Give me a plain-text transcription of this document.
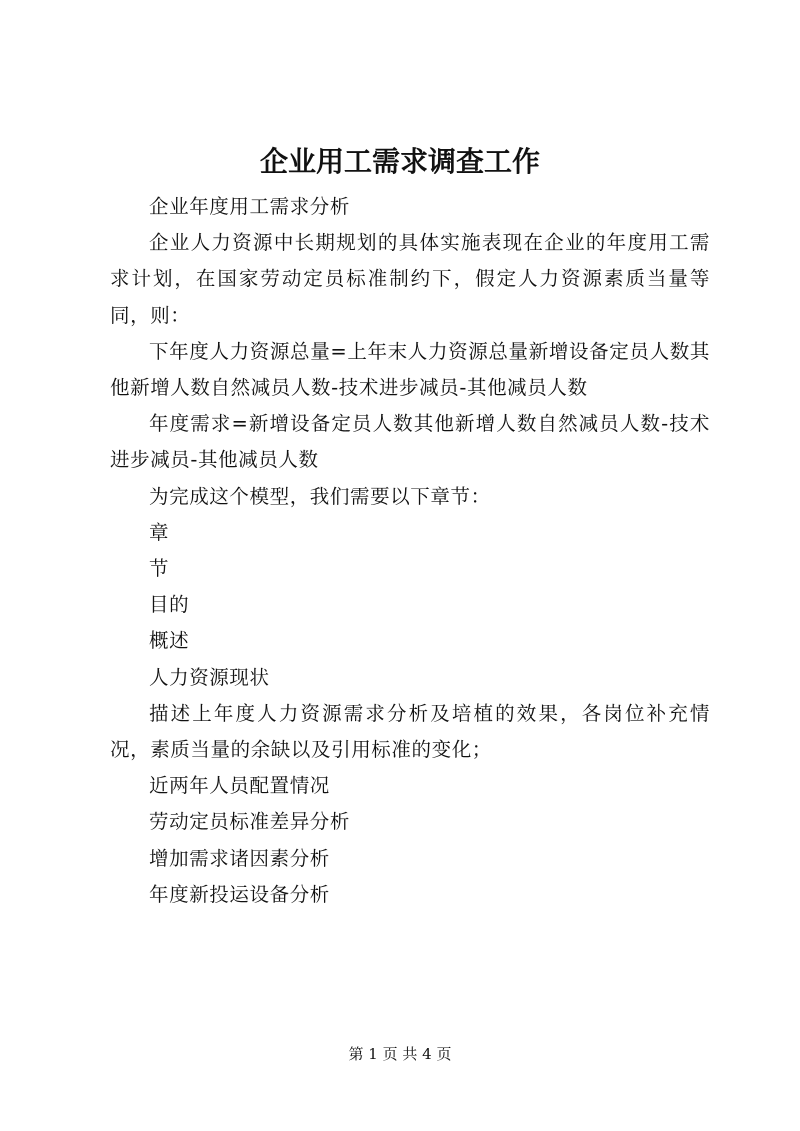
企业用工需求调查工作

企业年度用工需求分析

企业人力资源中长期规划的具体实施表现在企业的年度用工需求计划，在国家劳动定员标准制约下，假定人力资源素质当量等同，则：

下年度人力资源总量=上年末人力资源总量新增设备定员人数其他新增人数自然减员人数-技术进步减员-其他减员人数

年度需求=新增设备定员人数其他新增人数自然减员人数-技术进步减员-其他减员人数

为完成这个模型，我们需要以下章节：

章

节

目的

概述

人力资源现状

描述上年度人力资源需求分析及培植的效果，各岗位补充情况，素质当量的余缺以及引用标准的变化；

近两年人员配置情况

劳动定员标准差异分析

增加需求诸因素分析

年度新投运设备分析

第 1 页 共 4 页
